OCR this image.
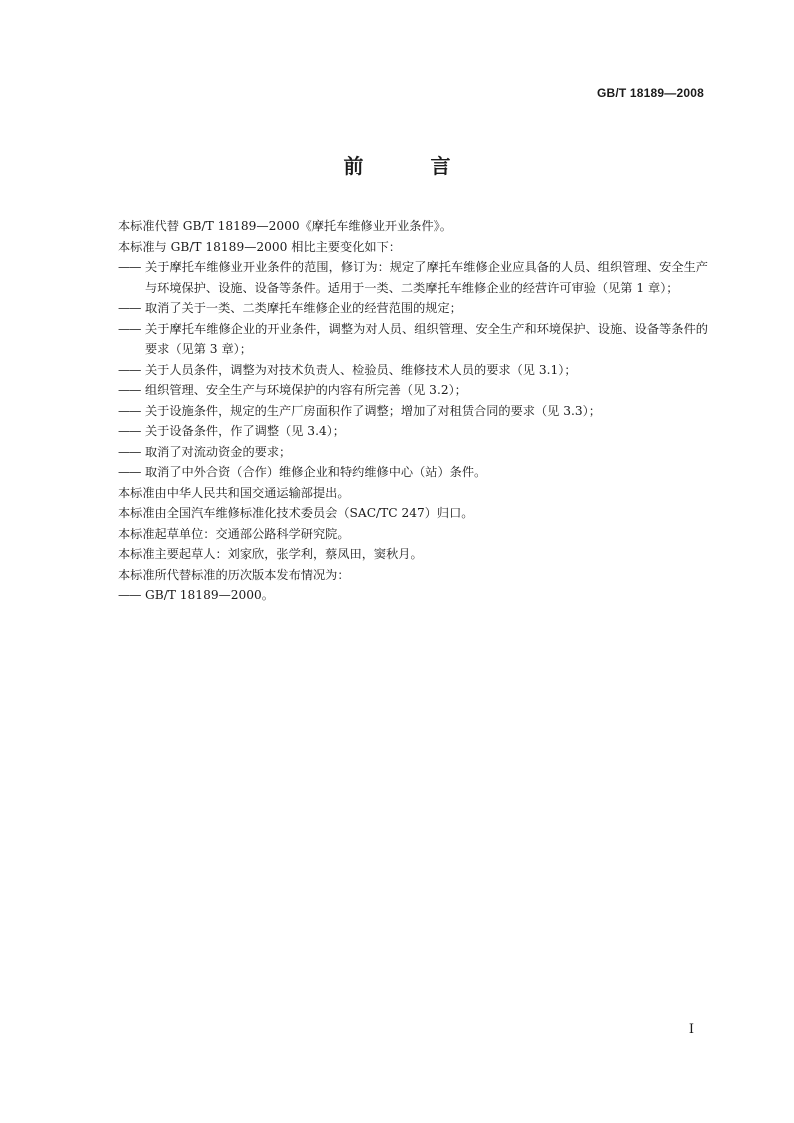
GB/T 18189—2008
前 言
本标准代替 GB/T 18189—2000《摩托车维修业开业条件》。
本标准与 GB/T 18189—2000 相比主要变化如下：
—— 关于摩托车维修业开业条件的范围，修订为：规定了摩托车维修企业应具备的人员、组织管理、安全生产与环境保护、设施、设备等条件。适用于一类、二类摩托车维修企业的经营许可审验（见第 1 章）；
—— 取消了关于一类、二类摩托车维修企业的经营范围的规定；
—— 关于摩托车维修企业的开业条件，调整为对人员、组织管理、安全生产和环境保护、设施、设备等条件的要求（见第 3 章）；
—— 关于人员条件，调整为对技术负责人、检验员、维修技术人员的要求（见 3.1）；
—— 组织管理、安全生产与环境保护的内容有所完善（见 3.2）；
—— 关于设施条件，规定的生产厂房面积作了调整；增加了对租赁合同的要求（见 3.3）；
—— 关于设备条件，作了调整（见 3.4）；
—— 取消了对流动资金的要求；
—— 取消了中外合资（合作）维修企业和特约维修中心（站）条件。
本标准由中华人民共和国交通运输部提出。
本标准由全国汽车维修标准化技术委员会（SAC/TC 247）归口。
本标准起草单位：交通部公路科学研究院。
本标准主要起草人：刘家欣，张学利，蔡凤田，窦秋月。
本标准所代替标准的历次版本发布情况为：
—— GB/T 18189—2000。
I
